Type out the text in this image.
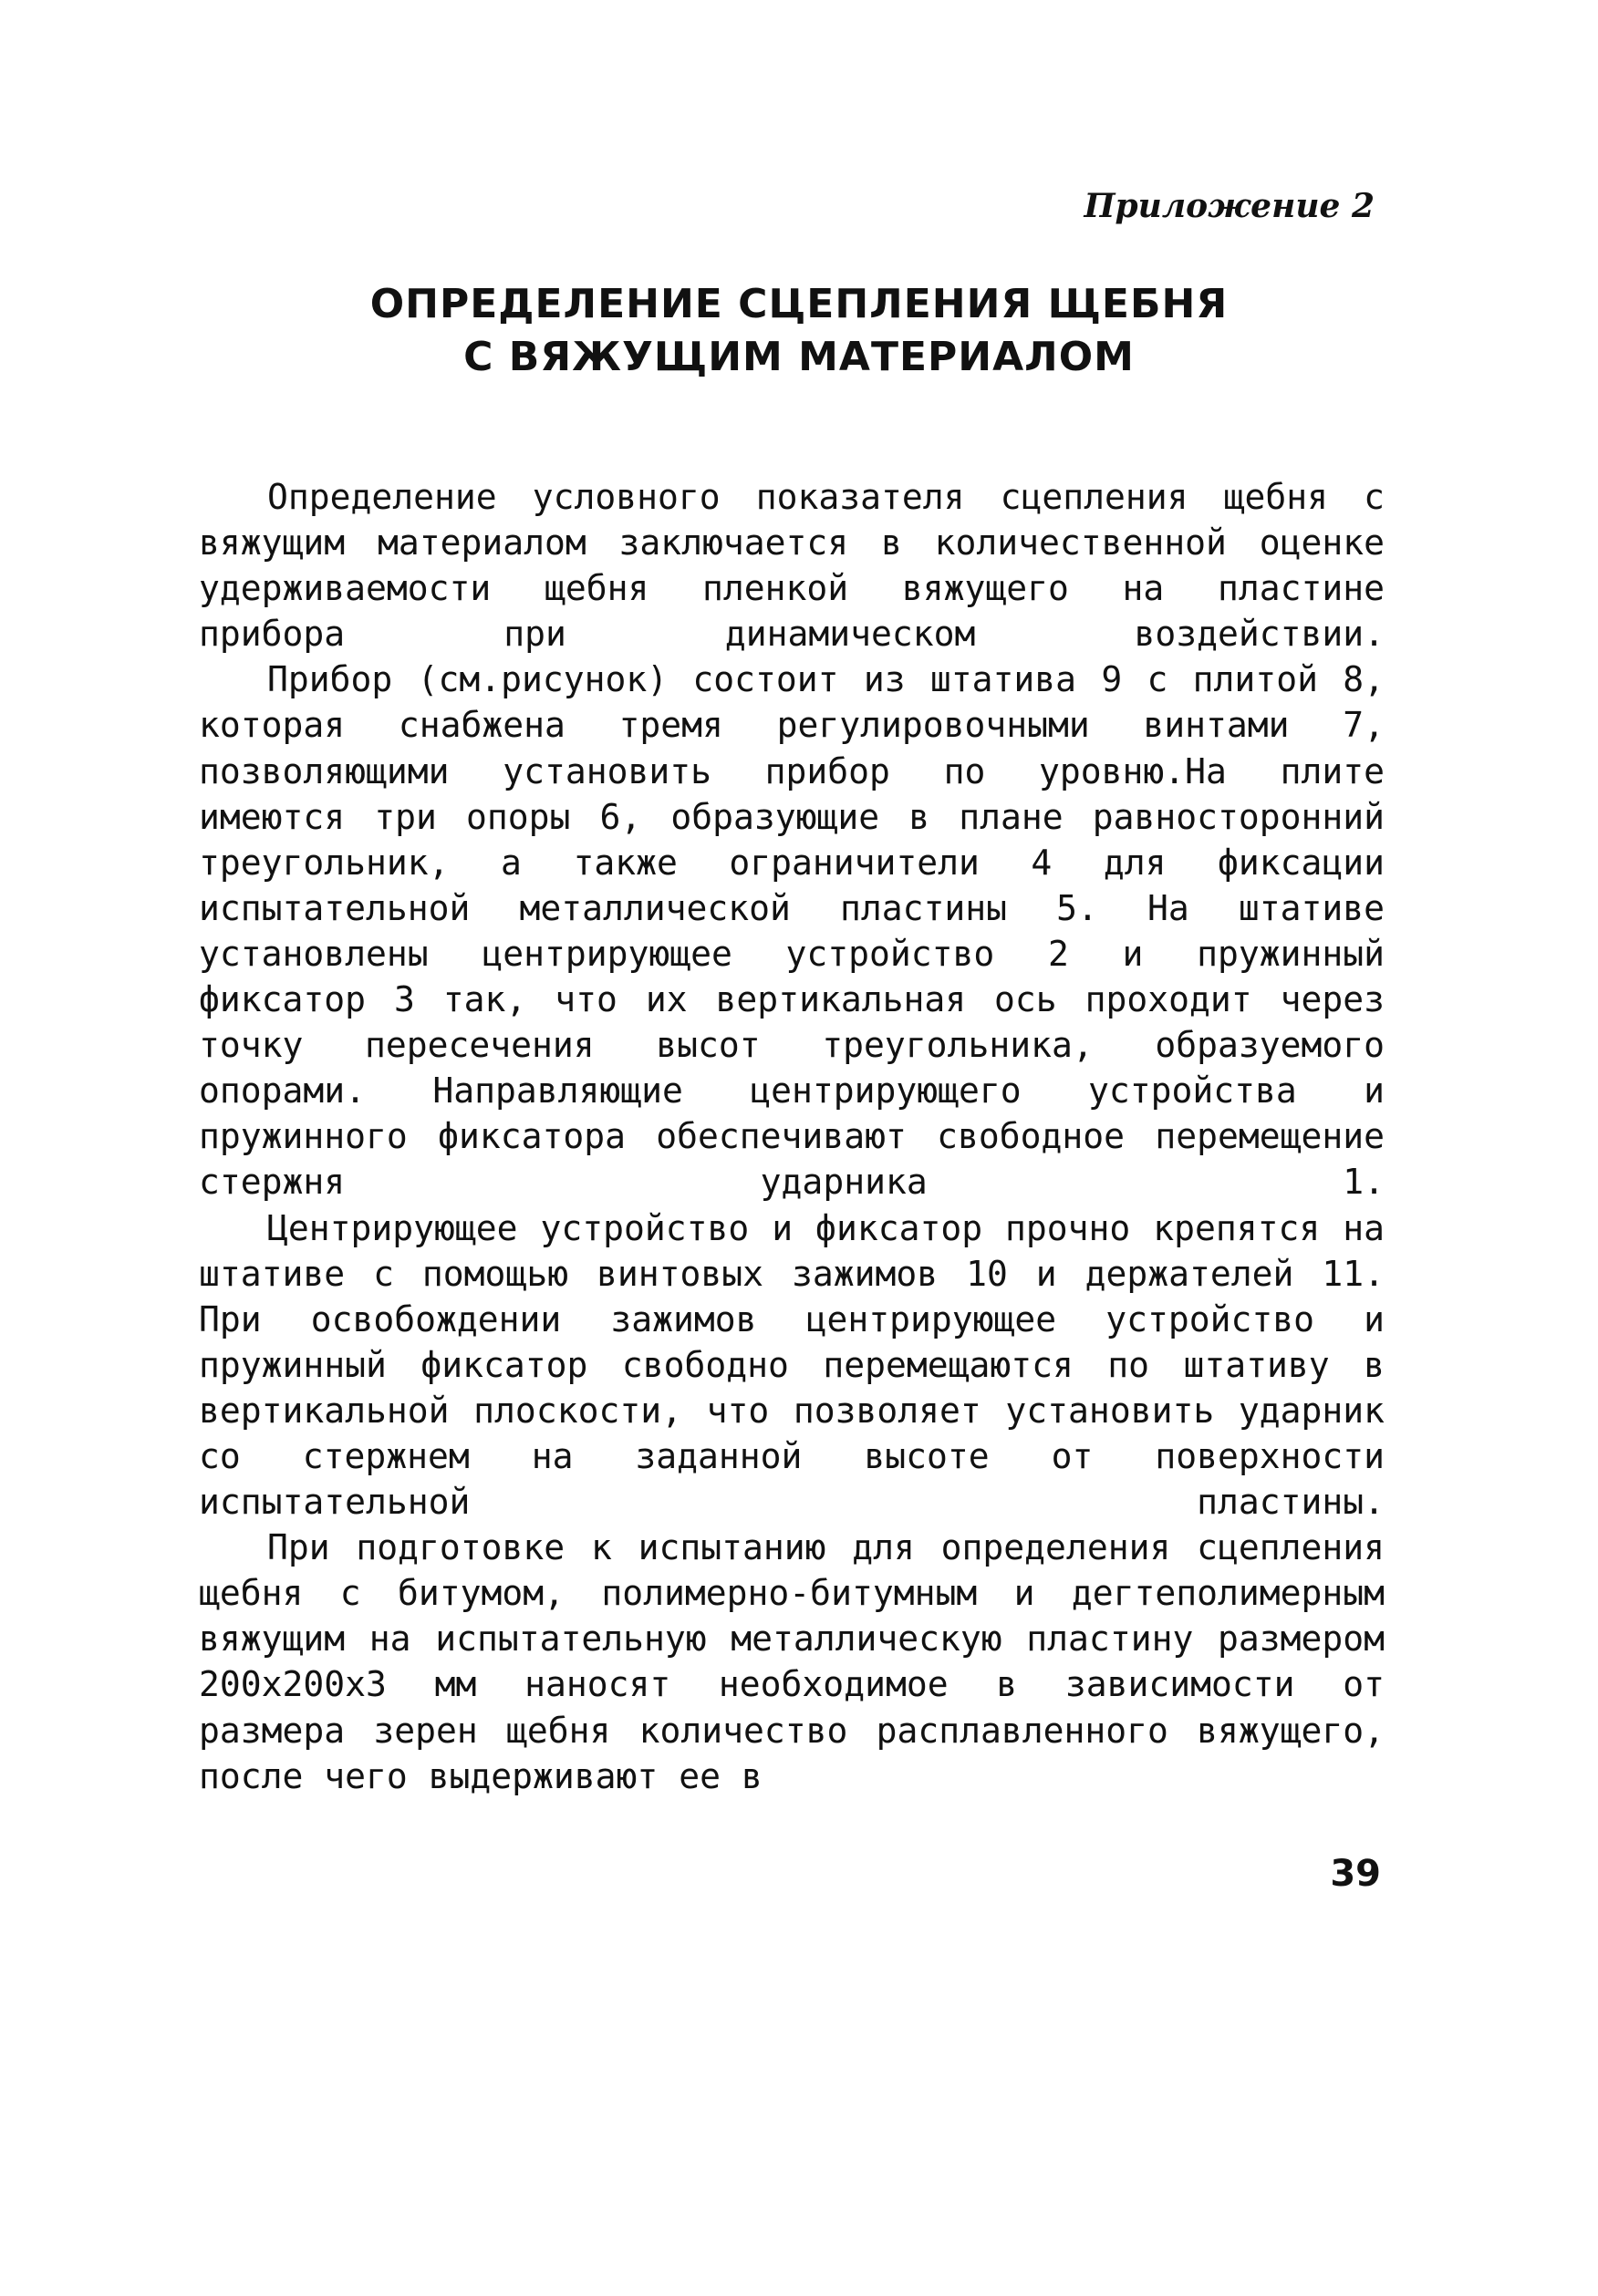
Приложение 2
ОПРЕДЕЛЕНИЕ СЦЕПЛЕНИЯ ЩЕБНЯ
С ВЯЖУЩИМ МАТЕРИАЛОМ

Определение условного показателя сцепления щебня с вяжущим материалом заключается в количественной оценке удерживаемости щебня пленкой вяжущего на пластине прибора при динамическом воздействии.

Прибор (см.рисунок) состоит из штатива 9 с плитой 8, которая снабжена тремя регулировочными винтами 7, позволяющими установить прибор по уровню.На плите имеются три опоры 6, образующие в плане равносторонний треугольник, а также ограничители 4 для фиксации испытательной металлической пластины 5. На штативе установлены центрирующее устройство 2 и пружинный фиксатор 3 так, что их вертикальная ось проходит через точку пересечения высот треугольника, образуемого опорами. Направляющие центрирующего устройства и пружинного фиксатора обеспечивают свободное перемещение стержня ударника 1.

Центрирующее устройство и фиксатор прочно крепятся на штативе с помощью винтовых зажимов 10 и держателей 11. При освобождении зажимов центрирующее устройство и пружинный фиксатор свободно перемещаются по штативу в вертикальной плоскости, что позволяет установить ударник со стержнем на заданной высоте от поверхности испытательной пластины.

При подготовке к испытанию для определения сцепления щебня с битумом, полимерно-битумным и дегтеполимерным вяжущим на испытательную металлическую пластину размером 200х200х3 мм наносят необходимое в зависимости от размера зерен щебня количество расплавленного вяжущего, после чего выдерживают ее в

39
